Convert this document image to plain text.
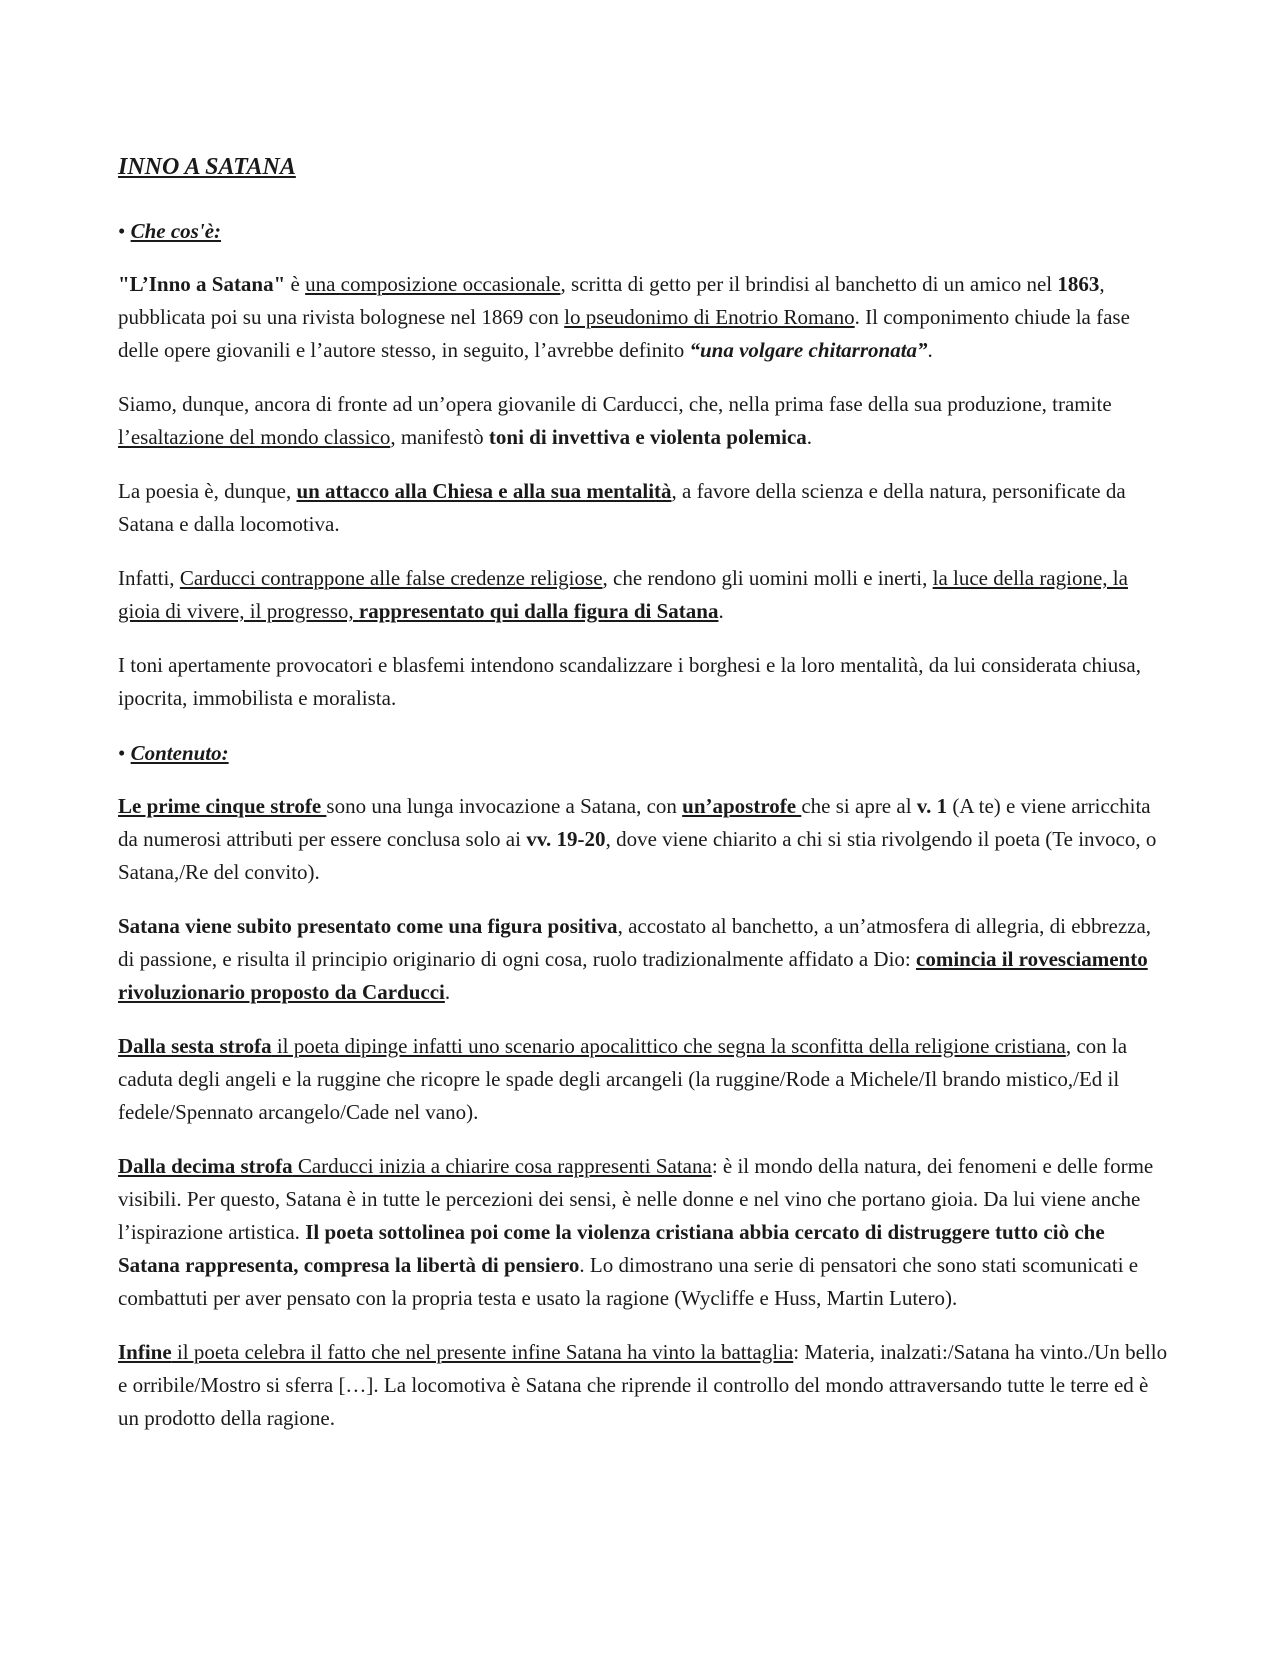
INNO A SATANA
• Che cos'è:

"L’Inno a Satana" è una composizione occasionale, scritta di getto per il brindisi al banchetto di un amico nel 1863, pubblicata poi su una rivista bolognese nel 1869 con lo pseudonimo di Enotrio Romano. Il componimento chiude la fase delle opere giovanili e l’autore stesso, in seguito, l’avrebbe definito “una volgare chitarronata”.

Siamo, dunque, ancora di fronte ad un’opera giovanile di Carducci, che, nella prima fase della sua produzione, tramite l’esaltazione del mondo classico, manifestò toni di invettiva e violenta polemica.

La poesia è, dunque, un attacco alla Chiesa e alla sua mentalità, a favore della scienza e della natura, personificate da Satana e dalla locomotiva.

Infatti, Carducci contrappone alle false credenze religiose, che rendono gli uomini molli e inerti, la luce della ragione, la gioia di vivere, il progresso, rappresentato qui dalla figura di Satana.

I toni apertamente provocatori e blasfemi intendono scandalizzare i borghesi e la loro mentalità, da lui considerata chiusa, ipocrita, immobilista e moralista.

• Contenuto:

Le prime cinque strofe sono una lunga invocazione a Satana, con un’apostrofe che si apre al v. 1 (A te) e viene arricchita da numerosi attributi per essere conclusa solo ai vv. 19-20, dove viene chiarito a chi si stia rivolgendo il poeta (Te invoco, o Satana,/Re del convito).

Satana viene subito presentato come una figura positiva, accostato al banchetto, a un’atmosfera di allegria, di ebbrezza, di passione, e risulta il principio originario di ogni cosa, ruolo tradizionalmente affidato a Dio: comincia il rovesciamento rivoluzionario proposto da Carducci.

Dalla sesta strofa il poeta dipinge infatti uno scenario apocalittico che segna la sconfitta della religione cristiana, con la caduta degli angeli e la ruggine che ricopre le spade degli arcangeli (la ruggine/Rode a Michele/Il brando mistico,/Ed il fedele/Spennato arcangelo/Cade nel vano).

Dalla decima strofa Carducci inizia a chiarire cosa rappresenti Satana: è il mondo della natura, dei fenomeni e delle forme visibili. Per questo, Satana è in tutte le percezioni dei sensi, è nelle donne e nel vino che portano gioia. Da lui viene anche l’ispirazione artistica. Il poeta sottolinea poi come la violenza cristiana abbia cercato di distruggere tutto ciò che Satana rappresenta, compresa la libertà di pensiero. Lo dimostrano una serie di pensatori che sono stati scomunicati e combattuti per aver pensato con la propria testa e usato la ragione (Wycliffe e Huss, Martin Lutero).

Infine il poeta celebra il fatto che nel presente infine Satana ha vinto la battaglia: Materia, inalzati:/Satana ha vinto./Un bello e orribile/Mostro si sferra […]. La locomotiva è Satana che riprende il controllo del mondo attraversando tutte le terre ed è un prodotto della ragione.
